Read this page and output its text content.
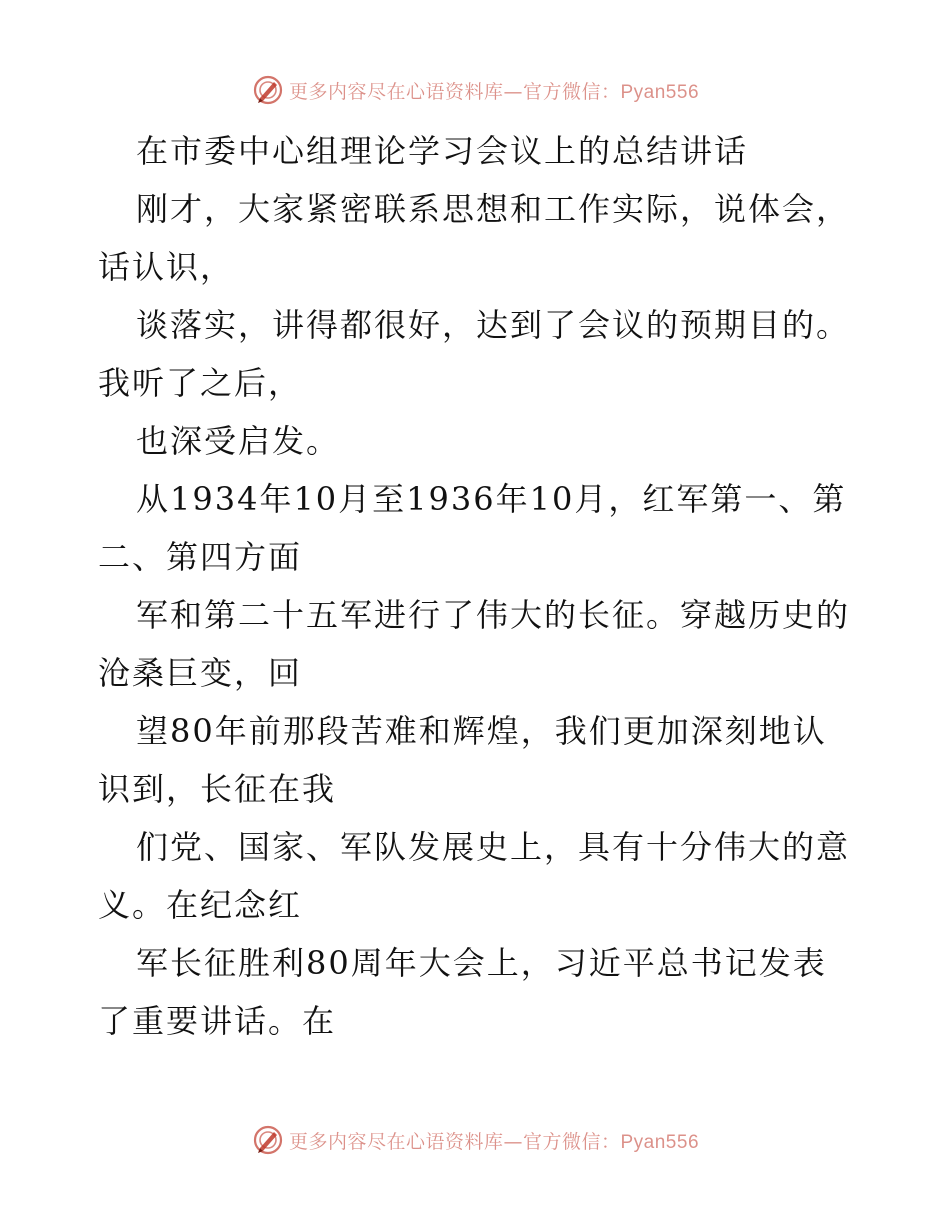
更多内容尽在心语资料库—官方微信：Pyan556
在市委中心组理论学习会议上的总结讲话
刚才，大家紧密联系思想和工作实际，说体会，
话认识，
谈落实，讲得都很好，达到了会议的预期目的。
我听了之后，
也深受启发。
从1934年10月至1936年10月，红军第一、第
二、第四方面
军和第二十五军进行了伟大的长征。穿越历史的
沧桑巨变，回
望80年前那段苦难和辉煌，我们更加深刻地认
识到，长征在我
们党、国家、军队发展史上，具有十分伟大的意
义。在纪念红
军长征胜利80周年大会上，习近平总书记发表
了重要讲话。在
更多内容尽在心语资料库—官方微信：Pyan556
